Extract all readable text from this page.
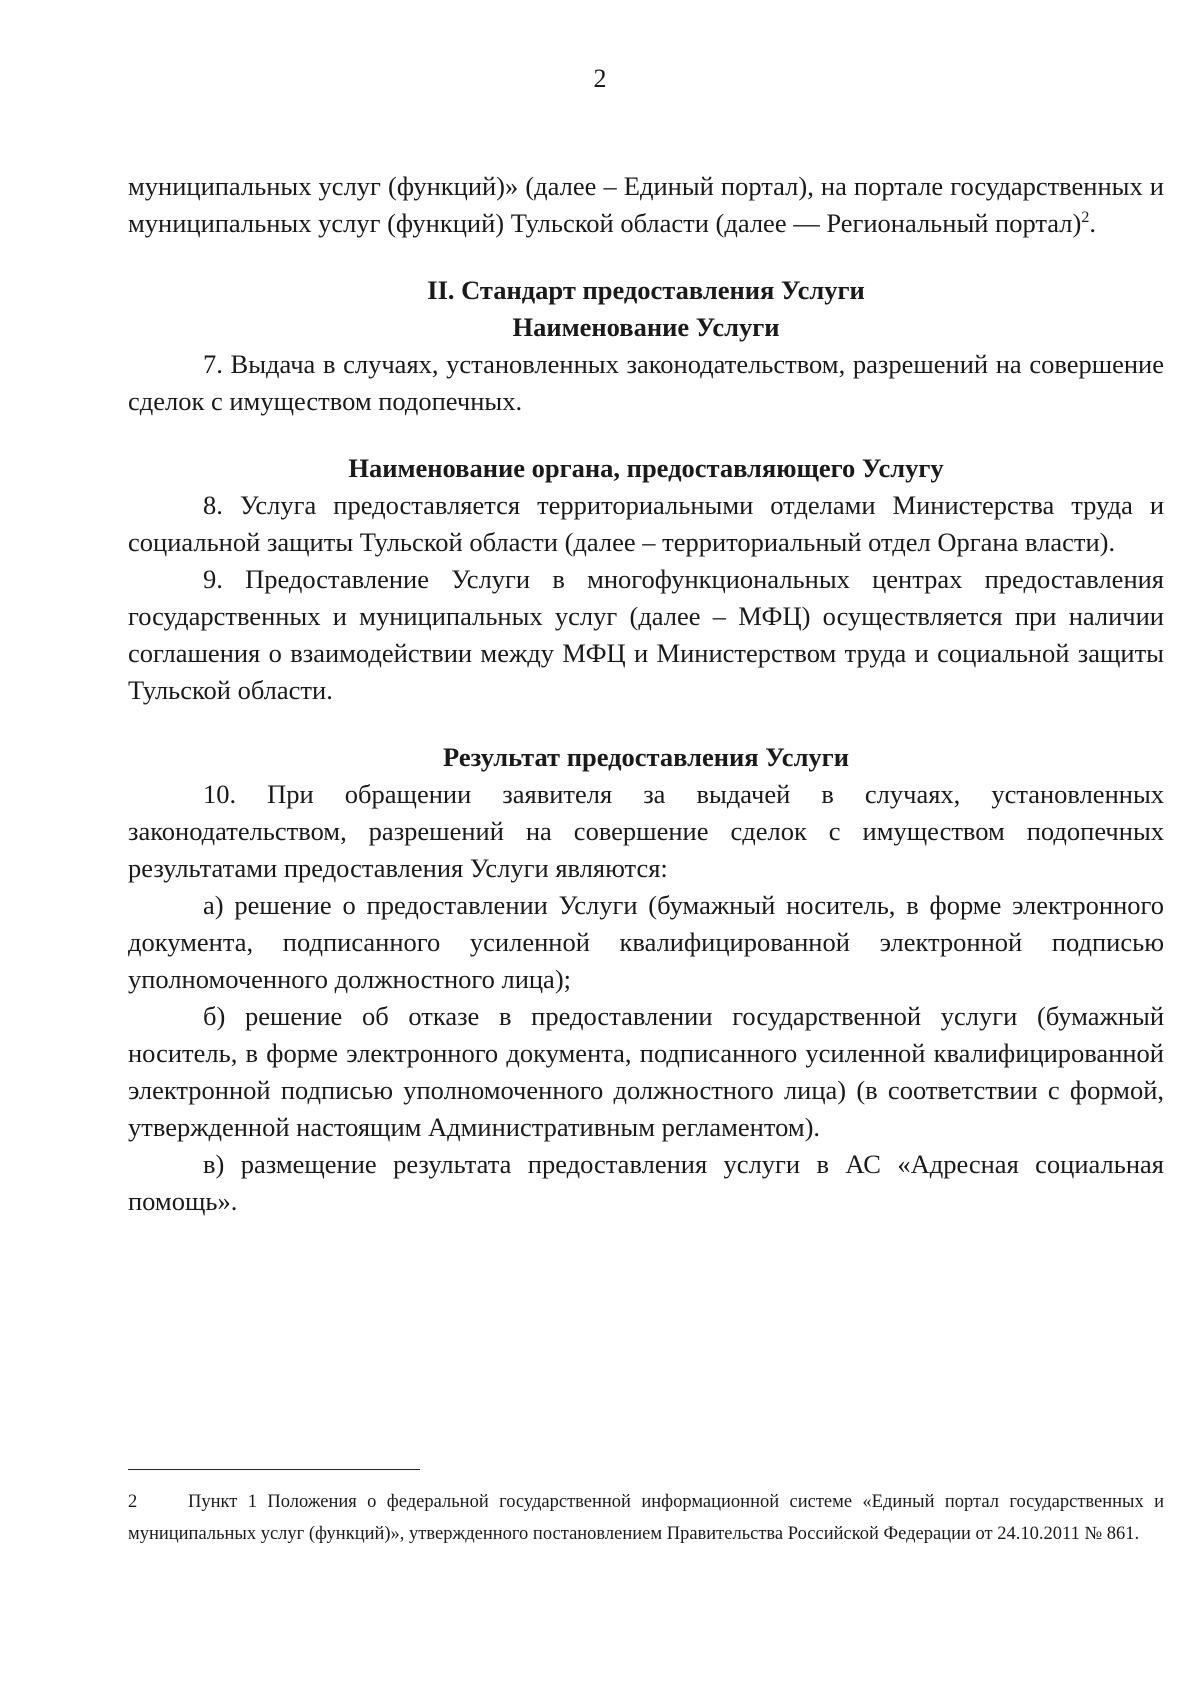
2

муниципальных услуг (функций)» (далее – Единый портал), на портале государственных и муниципальных услуг (функций) Тульской области (далее — Региональный портал)$^2$.

II. Стандарт предоставления Услуги
Наименование Услуги

7. Выдача в случаях, установленных законодательством, разрешений на совершение сделок с имуществом подопечных.

Наименование органа, предоставляющего Услугу

8. Услуга предоставляется территориальными отделами Министерства труда и социальной защиты Тульской области (далее – территориальный отдел Органа власти).

9. Предоставление Услуги в многофункциональных центрах предоставления государственных и муниципальных услуг (далее – МФЦ) осуществляется при наличии соглашения о взаимодействии между МФЦ и Министерством труда и социальной защиты Тульской области.

Результат предоставления Услуги

10. При обращении заявителя за выдачей в случаях, установленных законодательством, разрешений на совершение сделок с имуществом подопечных результатами предоставления Услуги являются:

а) решение о предоставлении Услуги (бумажный носитель, в форме электронного документа, подписанного усиленной квалифицированной электронной подписью уполномоченного должностного лица);

б) решение об отказе в предоставлении государственной услуги (бумажный носитель, в форме электронного документа, подписанного усиленной квалифицированной электронной подписью уполномоченного должностного лица) (в соответствии с формой, утвержденной настоящим Административным регламентом).

в) размещение результата предоставления услуги в АС «Адресная социальная помощь».

2	Пункт 1 Положения о федеральной государственной информационной системе «Единый портал государственных и муниципальных услуг (функций)», утвержденного постановлением Правительства Российской Федерации от 24.10.2011 № 861.
